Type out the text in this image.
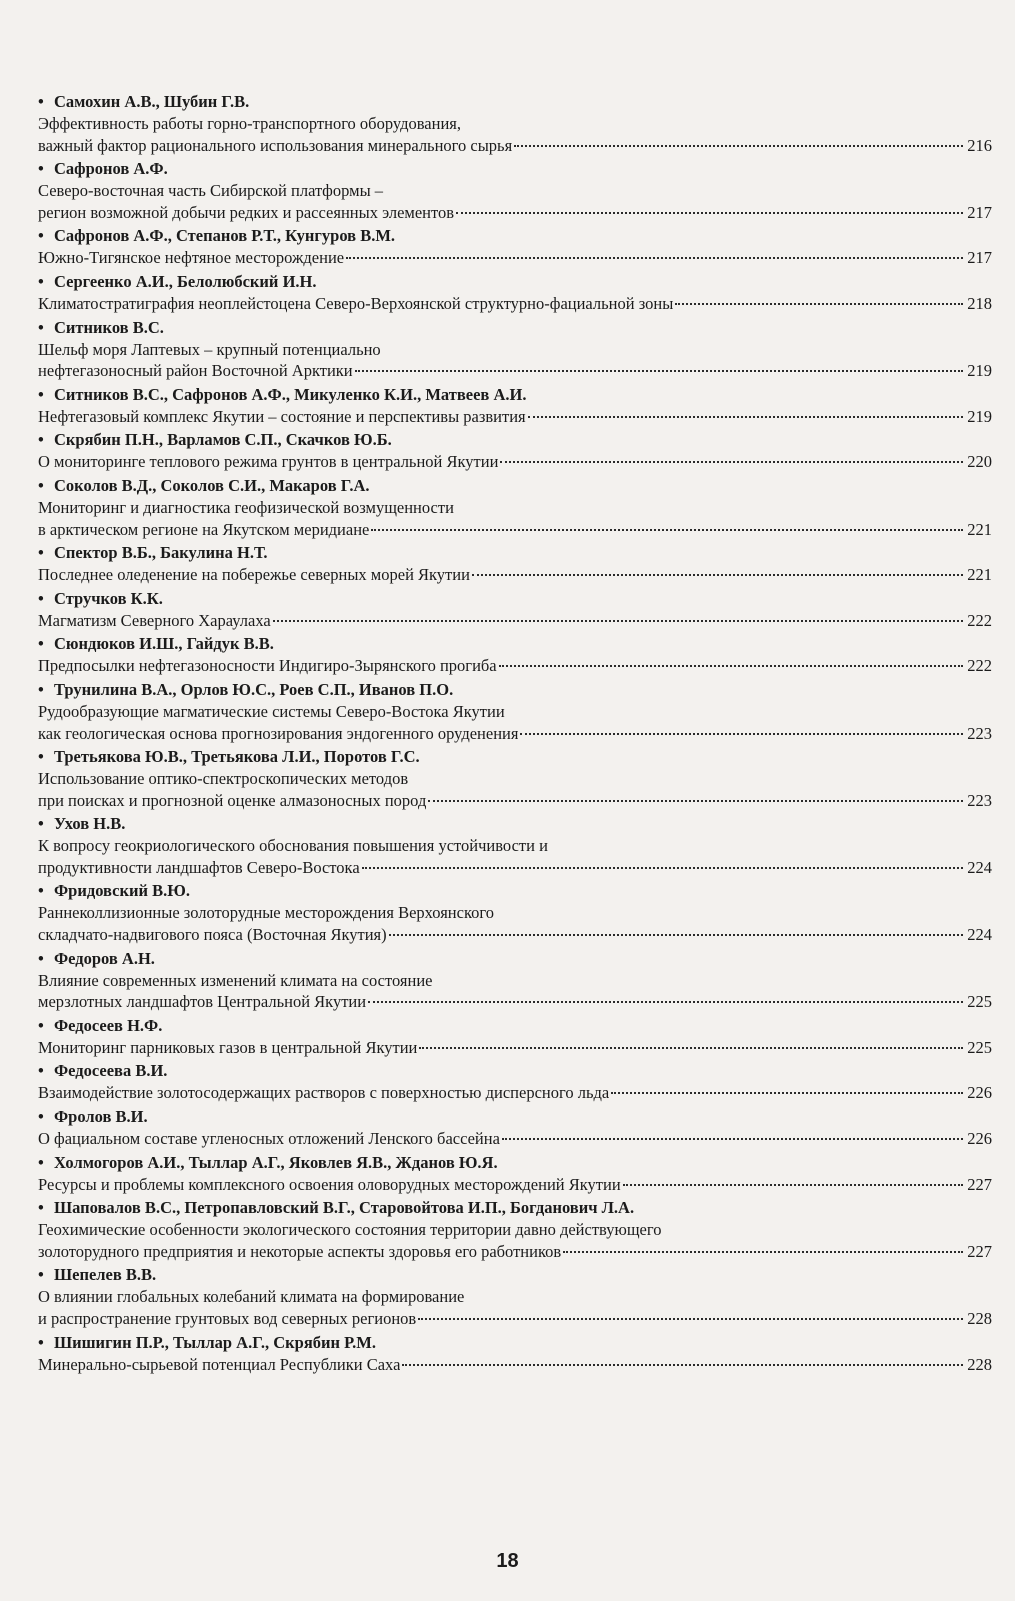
• Самохин А.В., Шубин Г.В.
Эффективность работы горно-транспортного оборудования,
важный фактор рационального использования минерального сырья	216
• Сафронов А.Ф.
Северо-восточная часть Сибирской платформы –
регион возможной добычи редких и рассеянных элементов	217
• Сафронов А.Ф., Степанов Р.Т., Кунгуров В.М.
Южно-Тигянское нефтяное месторождение	217
• Сергеенко А.И., Белолюбский И.Н.
Климатостратиграфия неоплейстоцена Северо-Верхоянской структурно-фациальной зоны	218
• Ситников В.С.
Шельф моря Лаптевых – крупный потенциально
нефтегазоносный район Восточной Арктики	219
• Ситников В.С., Сафронов А.Ф., Микуленко К.И., Матвеев А.И.
Нефтегазовый комплекс Якутии – состояние и перспективы развития	219
• Скрябин П.Н., Варламов С.П., Скачков Ю.Б.
О мониторинге теплового режима грунтов в центральной Якутии	220
• Соколов В.Д., Соколов С.И., Макаров Г.А.
Мониторинг и диагностика геофизической возмущенности
в арктическом регионе на Якутском меридиане	221
• Спектор В.Б., Бакулина Н.Т.
Последнее оледенение на побережье северных морей Якутии	221
• Стручков К.К.
Магматизм Северного Хараулаха	222
• Сюндюков И.Ш., Гайдук В.В.
Предпосылки нефтегазоносности Индигиро-Зырянского прогиба	222
• Трунилина В.А., Орлов Ю.С., Роев С.П., Иванов П.О.
Рудообразующие магматические системы Северо-Востока Якутии
как геологическая основа прогнозирования эндогенного оруденения	223
• Третьякова Ю.В., Третьякова Л.И., Поротов Г.С.
Использование оптико-спектроскопических методов
при поисках и прогнозной оценке алмазоносных пород	223
• Ухов Н.В.
К вопросу геокриологического обоснования повышения устойчивости и
продуктивности ландшафтов Северо-Востока	224
• Фридовский В.Ю.
Раннеколлизионные золоторудные месторождения Верхоянского
складчато-надвигового пояса (Восточная Якутия)	224
• Федоров А.Н.
Влияние современных изменений климата на состояние
мерзлотных ландшафтов Центральной Якутии	225
• Федосеев Н.Ф.
Мониторинг парниковых газов в центральной Якутии	225
• Федосеева В.И.
Взаимодействие золотосодержащих растворов с поверхностью дисперсного льда	226
• Фролов В.И.
О фациальном составе угленосных отложений Ленского бассейна	226
• Холмогоров А.И., Тыллар А.Г., Яковлев Я.В., Жданов Ю.Я.
Ресурсы и проблемы комплексного освоения оловорудных месторождений Якутии	227
• Шаповалов В.С., Петропавловский В.Г., Старовойтова И.П., Богданович Л.А.
Геохимические особенности экологического состояния территории давно действующего
золоторудного предприятия и некоторые аспекты здоровья его работников	227
• Шепелев В.В.
О влиянии глобальных колебаний климата на формирование
и распространение грунтовых вод северных регионов	228
• Шишигин П.Р., Тыллар А.Г., Скрябин Р.М.
Минерально-сырьевой потенциал Республики Саха	228
18
